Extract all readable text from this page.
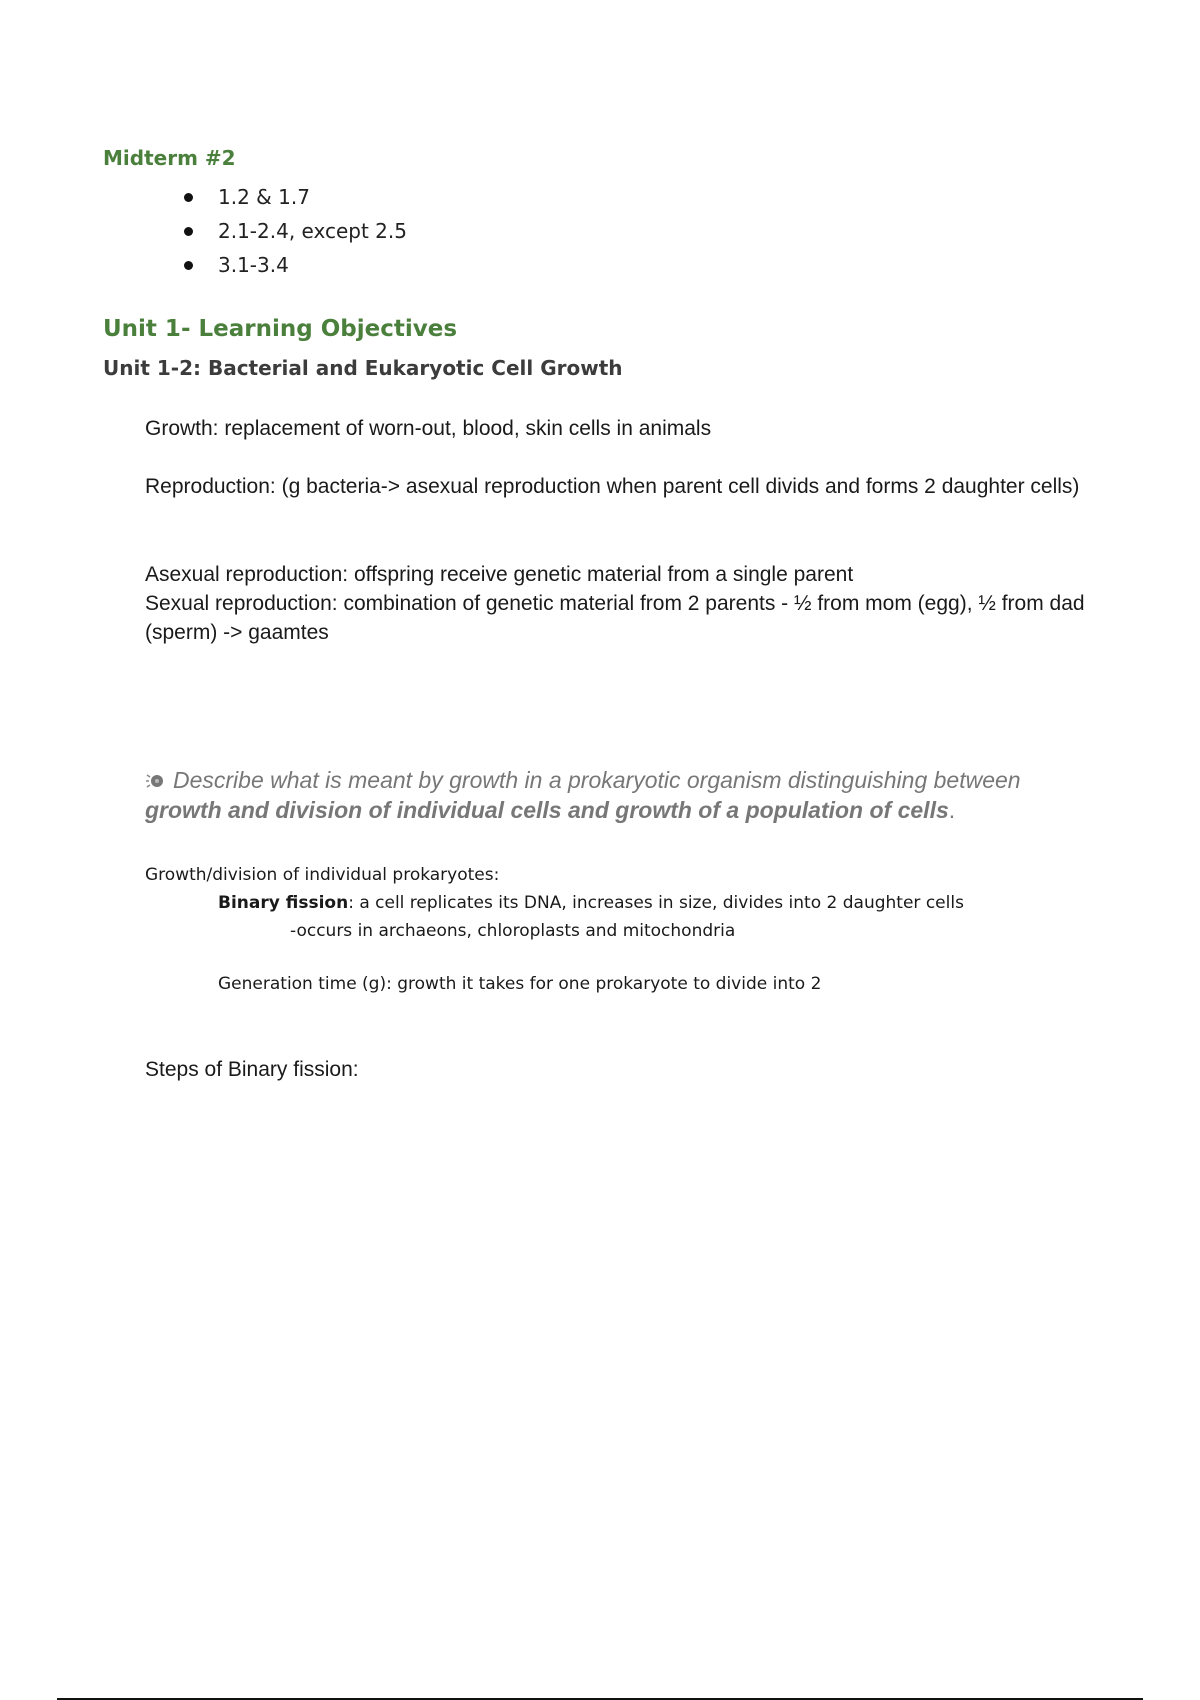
Midterm #2

1.2 & 1.7
2.1-2.4, except 2.5
3.1-3.4

Unit 1- Learning Objectives

Unit 1-2: Bacterial and Eukaryotic Cell Growth

Growth: replacement of worn-out, blood, skin cells in animals

Reproduction: (g bacteria-> asexual reproduction when parent cell divids and forms 2 daughter cells)

Asexual reproduction: offspring receive genetic material from a single parent

Sexual reproduction: combination of genetic material from 2 parents - ½ from mom (egg), ½ from dad (sperm) -> gaamtes

Describe what is meant by growth in a prokaryotic organism distinguishing between growth and division of individual cells and growth of a population of cells.

Growth/division of individual prokaryotes:

Binary fission: a cell replicates its DNA, increases in size, divides into 2 daughter cells

-occurs in archaeons, chloroplasts and mitochondria

Generation time (g): growth it takes for one prokaryote to divide into 2

Steps of Binary fission:
